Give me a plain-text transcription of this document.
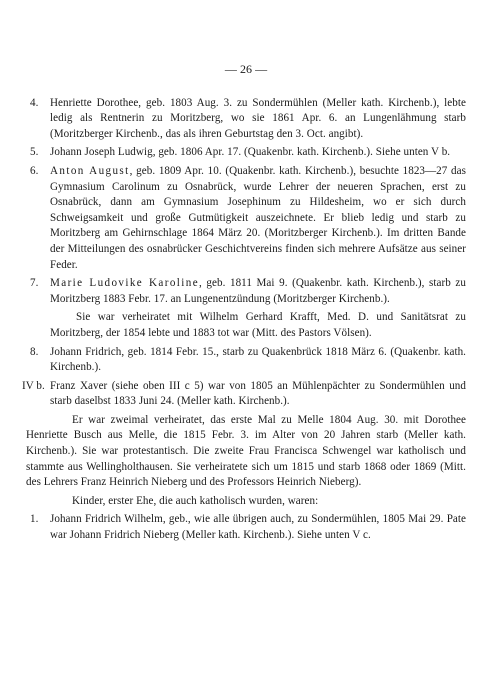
— 26 —
4. Henriette Dorothee, geb. 1803 Aug. 3. zu Sondermühlen (Meller kath. Kirchenb.), lebte ledig als Rentnerin zu Moritzberg, wo sie 1861 Apr. 6. an Lungenlähmung starb (Moritzberger Kirchenb., das als ihren Geburtstag den 3. Oct. angibt).
5. Johann Joseph Ludwig, geb. 1806 Apr. 17. (Quakenbr. kath. Kirchenb.). Siehe unten V b.
6. Anton August, geb. 1809 Apr. 10. (Quakenbr. kath. Kirchenb.), besuchte 1823—27 das Gymnasium Carolinum zu Osnabrück, wurde Lehrer der neueren Sprachen, erst zu Osnabrück, dann am Gymnasium Josephinum zu Hildesheim, wo er sich durch Schweigsamkeit und große Gutmütigkeit auszeichnete. Er blieb ledig und starb zu Moritzberg am Gehirnschlage 1864 März 20. (Moritzberger Kirchenb.). Im dritten Bande der Mitteilungen des osnabrücker Geschichtvereins finden sich mehrere Aufsätze aus seiner Feder.
7. Marie Ludovike Karoline, geb. 1811 Mai 9. (Quakenbr. kath. Kirchenb.), starb zu Moritzberg 1883 Febr. 17. an Lungenentzündung (Moritzberger Kirchenb.).
Sie war verheiratet mit Wilhelm Gerhard Krafft, Med. D. und Sanitätsrat zu Moritzberg, der 1854 lebte und 1883 tot war (Mitt. des Pastors Völsen).
8. Johann Fridrich, geb. 1814 Febr. 15., starb zu Quakenbrück 1818 März 6. (Quakenbr. kath. Kirchenb.).
IV b. Franz Xaver (siehe oben III c 5) war von 1805 an Mühlenpächter zu Sondermühlen und starb daselbst 1833 Juni 24. (Meller kath. Kirchenb.).
Er war zweimal verheiratet, das erste Mal zu Melle 1804 Aug. 30. mit Dorothee Henriette Busch aus Melle, die 1815 Febr. 3. im Alter von 20 Jahren starb (Meller kath. Kirchenb.). Sie war protestantisch. Die zweite Frau Francisca Schwengel war katholisch und stammte aus Wellingholthausen. Sie verheiratete sich um 1815 und starb 1868 oder 1869 (Mitt. des Lehrers Franz Heinrich Nieberg und des Professors Heinrich Nieberg).
Kinder, erster Ehe, die auch katholisch wurden, waren:
1. Johann Fridrich Wilhelm, geb., wie alle übrigen auch, zu Sondermühlen, 1805 Mai 29. Pate war Johann Fridrich Nieberg (Meller kath. Kirchenb.). Siehe unten V c.
